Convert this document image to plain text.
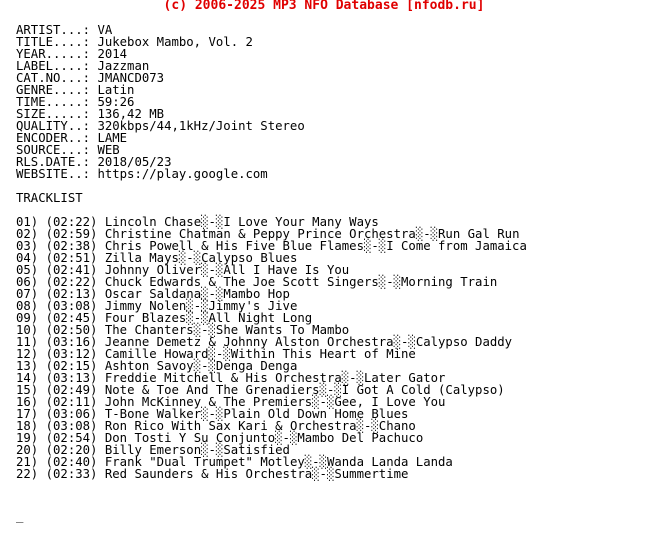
(c) 2006-2025 MP3 NFO Database [nfodb.ru]
ARTIST...: VA
TITLE....: Jukebox Mambo, Vol. 2
YEAR.....: 2014
LABEL....: Jazzman
CAT.NO...: JMANCD073
GENRE....: Latin
TIME.....: 59:26
SIZE.....: 136,42 MB
QUALITY..: 320kbps/44,1kHz/Joint Stereo
ENCODER..: LAME
SOURCE...: WEB
RLS.DATE.: 2018/05/23
WEBSITE..: https://play.google.com
TRACKLIST
01) (02:22) Lincoln Chase░-░I Love Your Many Ways
02) (02:59) Christine Chatman & Peppy Prince Orchestra░-░Run Gal Run
03) (02:38) Chris Powell & His Five Blue Flames░-░I Come from Jamaica
04) (02:51) Zilla Mays░-░Calypso Blues
05) (02:41) Johnny Oliver░-░All I Have Is You
06) (02:22) Chuck Edwards & The Joe Scott Singers░-░Morning Train
07) (02:13) Oscar Saldana░-░Mambo Hop
08) (03:08) Jimmy Nolen░-░Jimmy's Jive
09) (02:45) Four Blazes░-░All Night Long
10) (02:50) The Chanters░-░She Wants To Mambo
11) (03:16) Jeanne Demetz & Johnny Alston Orchestra░-░Calypso Daddy
12) (03:12) Camille Howard░-░Within This Heart of Mine
13) (02:15) Ashton Savoy░-░Denga Denga
14) (03:13) Freddie Mitchell & His Orchestra░-░Later Gator
15) (02:49) Note & Toe And The Grenadiers░-░I Got A Cold (Calypso)
16) (02:11) John McKinney & The Premiers░-░Gee, I Love You
17) (03:06) T-Bone Walker░-░Plain Old Down Home Blues
18) (03:08) Ron Rico With Sax Kari & Orchestra░-░Chano
19) (02:54) Don Tosti Y Su Conjunto░-░Mambo Del Pachuco
20) (02:20) Billy Emerson░-░Satisfied
21) (02:40) Frank "Dual Trumpet" Motley░-░Wanda Landa Landa
22) (02:33) Red Saunders & His Orchestra░-░Summertime
_
